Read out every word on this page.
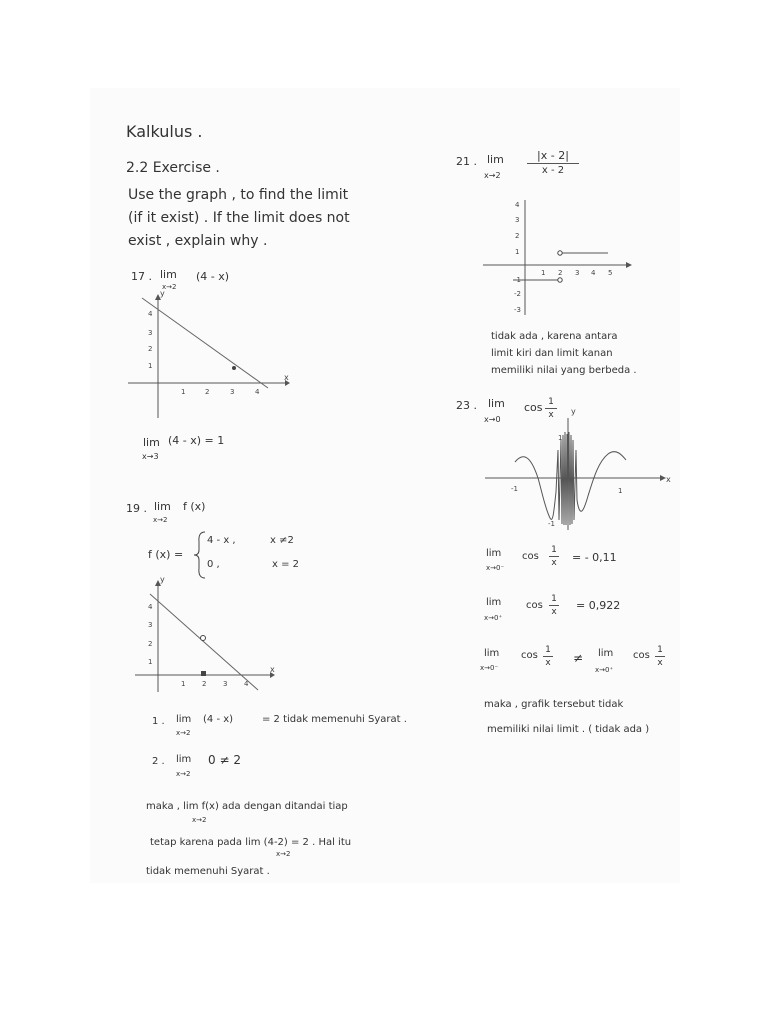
Kalkulus .
2.2 Exercise .
Use the graph , to find the limit
(if it exist) . If the limit does not
exist , explain why .
17 . lim
x→2
(4 - x)
y
x
4
3
2
1
1	2	3	4
lim (4 - x) = 1
x→3
19 . lim
x→2
f (x)
f (x) =
4 - x ,	x ≠2
0 ,	x = 2
y
x
4
3
2
1
1 2 3 4
1 . lim
x→2
(4 - x)	= 2 tidak memenuhi Syarat .
2 . lim
x→2
0 ≠ 2
maka , lim f(x) ada dengan ditandai tiap
x→2
tetap karena pada lim (4-2) = 2 . Hal itu
x→2
tidak memenuhi Syarat .
21 . lim
x→2
|x - 2|
x - 2
4
3
2
1
-1
-2
-3
1 2 3 4 5
tidak ada , karena antara
limit kiri dan limit kanan
memiliki nilai yang berbeda .
23 . lim
x→0
cos 1
x	y
x
-1	1
1
-1
lim
x→0⁻
cos
1
x = - 0,11
lim
x→0⁺
cos
1
x = 0,922
lim
x→0⁻
cos 1
x ≠ lim
x→0⁺
cos 1
x
maka , grafik tersebut tidak
memiliki nilai limit . ( tidak ada )
